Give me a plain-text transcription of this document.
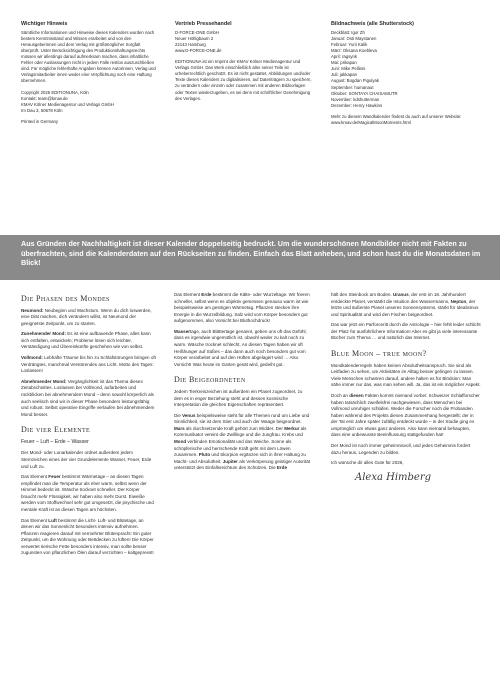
Wichtiger Hinweis
Sämtliche Informationen und Hinweise dieses Kalenders wurden nach bestem Kenntnisstand und Wissen erarbeitet und von den Herausgeberinnen und dem Verlag mit größtmöglicher Sorgfalt überprüft. Unter Berücksichtigung des Produktionshaftungsrechts müssen wir allerdings darauf aufmerksam machen, dass inhaltliche Fehler oder Auslassungen nicht in jedem Falle restlos auszuschließen sind. Für mögliche fehlerhafte Angaben können Autorinnen, Verlag und Verlagsmitarbeiter innen weder eine Verpflichtung noch eine Haftung übernehmen.
Copyright 2025 EDITIONUNA, Köln
Kontakt: team@kmav.de
KMAV Kölner Medienagentur und Verlags GmbH
Im Dau 3, 50678 Köln
Printed in Germany
Vertrieb Pressehandel
D-FORCE-ONE GmbH
Neuer Höltigbaum 2
22143 Hamburg
www.D-FORCE-ONE.de
EDITIONUNA ist ein Imprint der KMAV Kölner Medienagentur und Verlags GmbH. Das Werk einschließlich aller seiner Teile ist urheberrechtlich geschützt. Es ist nicht gestattet, Abbildungen und/oder Texte dieses Kalenders zu digitalisieren, auf Datenträgern zu speichern, zu verändern oder einzeln oder zusammen mit anderen Bildvorlagen oder Texten wiederzugeben, es sei denn mit schriftlicher Genehmigung des Verlages.
Bildnachweis (alle Shutterstock)
Deckblatt: Igor Zh
Januar: Osti Maystanen
Februar: Yurii Kalik
März: Oksana Koebleva
April: ragsynk
Mai: prikapan
Juni: Mike Pellinni
Juli: jakkapan
August: Bogdan Pigulyak
September: humanaut
Oktober: SONTAYA CHAISAMUTR
November: kdshutterman
Dezember: Henry Hawkins
Mehr zu diesem Wandkalender findest du auch auf unserer Website:
www.kmav.de/MagicalMoonMoments.html
Aus Gründen der Nachhaltigkeit ist dieser Kalender doppelseitig bedruckt. Um die wunderschönen Mondbilder nicht mit Fakten zu überfrachten, sind die Kalenderdaten auf den Rückseiten zu finden. Einfach das Blatt anheben, und schon hast du die Monatsdaten im Blick!
Die Phasen des Mondes

Neumond: Neubeginn und Wachstum. Wenn du dich loswerden, eine Diät machen, dich verändern willst, ist Neumond der geeignetste Zeitpunkt, um zu starten.

Zunehmender Mond: Es ist eine aufbauende Phase, alles kann sich entfalten, entwickeln; Probleme lösen sich leichter, Verständigung und Übereinkünfte geschehen wie von selbst.

Vollmond: Lebhafte Träume bis hin zu Schlafstörungen bringen oft Verdrängtes, manchmal Verstörendes ans Licht. Motto des Tages: Loslassen!

Abnehmender Mond: Vergänglichkeit ist das Thema dieses Zeitabschnittes. Loslassen bei Vollmond, aufarbeiten und rückblicken bei abnehmendem Mond – denn sowohl körperlich als auch seelisch sind wir in dieser Phase besonders leistungsfähig und robust. Selbst operative Eingriffe verlaufen bei abnehmendem Mond besser.

Die vier Elemente
Feuer – Luft – Erde – Wasser

Der Mond- oder Lunarkalender ordnet außerdem jedem Sternzeichen eines der vier Grundelemente Wasser, Feuer, Erde und Luft zu.

Das Element Feuer bestimmt Wärmetage – an diesen Tagen empfindet man die Temperatur als eher warm, selbst wenn der Himmel bedeckt ist. Wäsche trocknet schneller. Der Körper braucht mehr Flüssigkeit, wir haben also mehr Durst. Eiweiße werden vom Stoffwechsel sehr gut umgesetzt, die psychische und mentale Kraft ist an diesen Tagen am höchsten.

Das Element Luft bestimmt die Licht- Luft- und Blütetage, an denen wir das Sonnenlicht besonders intensiv aufnehmen. Pflanzen reagieren darauf mit vermehrter Blütenpracht: Ein guter Zeitpunkt, um die Wohnung oder Bettdecken zu lüften! Die Körper verwertet tierische Fette besonders intensiv, man sollte besser zugunsten von pflanzlichen Ölen darauf verzichten – kaltgepresst!

Das Element Erde bestimmt die Kälte- oder Wurzeltage. Wir frieren schneller, selbst wenn es objektiv gemessen genauso warm ist wie beispielsweise am gestrigen Wärmetag. Pflanzen stecken ihre Energie in die Wurzelbildung. Salz wird vom Körper besonders gut aufgenommen, also Vorsicht bei Bluthochdruck!

Wassertage, auch Blättertage genannt, geben uns oft das Gefühl, dass es irgendwie ungemütlich ist, obwohl weder zu kalt noch zu warm. Wäsche trocknet schlecht. An diesen Tagen haben wir oft Heißhunger auf Süßes – das dann auch noch besonders gut vom Körper verarbeitet und auf den Hüften abgelagert wird … Also Vorsicht! Was heute im Garten gesät wird, gedeiht gut.

Die Beigeordneten

Jedem Tierkreiszeichen ist außerdem ein Planet zugeordnet, zu dem es in enger Beziehung steht und dessen kosmische Interpretation die gleichen Eigenschaften repräsentiert.

Die Venus beispielsweise steht für alle Themen rund um Liebe und Sinnlichkeit, sie ist dem Stier und auch der Waage beigeordnet. Mars als durchsetzende Kraft gehört zum Widder. Der Merkur als Kommunikator vereint die Zwillinge und die Jungfrau. Krebs und Mond verbinden Emotionalität und das Weiche. Sonne als schöpferische und herrschende Kraft geht mit dem Löwen zusammen. Pluto und Skorpion ergänzen sich in ihrer Haltung zu Macht- und Absolutheit. Jupiter als Verkörperung geistiger Autorität unterstützt den Einfallsreichtum des Schützen. Die Erde

hält den Steinbock am Boden. Uranus, der erst im 18. Jahrhundert entdeckte Planet, verstärkt die Intuition des Wassermanns, Neptun, der letzte und äußerste Planet unseres Sonnensystems, stärkt für Idealismus und Spiritualität und wird den Fischen beigeordnet.

Das war jetzt ein Parforceritt durch die Astrologie – hier fehlt leider schlicht der Platz für ausführlichere Information! Aber es gibt ja viele interessante Bücher zum Thema … und natürlich das Internet.

Blue Moon – true moon?

Mondkalenderregeln haben keinen Absolutheitsanspruch. Sie sind als Leitfaden zu sehen, um Aktivitäten im Alltag besser gelingen zu lassen. Viele Menschen schwören darauf, andere halten es für Blödsinn: Man sähe immer nur das, was man sehen will. Ja, das ist ein möglicher Aspekt.

Doch an diesen Fakten kommt niemand vorbei: Schweizer Schlafforscher haben tatsächlich zweifelsfrei nachgewiesen, dass Menschen bei Vollmond unruhiger schlafen. Weder die Forscher noch die Probanden haben während des Projekts diesen Zusammenhang hergestellt; der in der Tat erst Jahre später zufällig entdeckt wurde – in der Studie ging es ursprünglich um etwas ganz anderes. Also kann niemand behaupten, dass eine unbewusste Beeinflussung stattgefunden hat!

Der Mond ist noch immer geheimnisvoll, und jedes Geheimnis fordert dazu heraus, Legenden zu bilden.

Ich wünsche dir alles Gute für 2026,

Alexa Himberg
